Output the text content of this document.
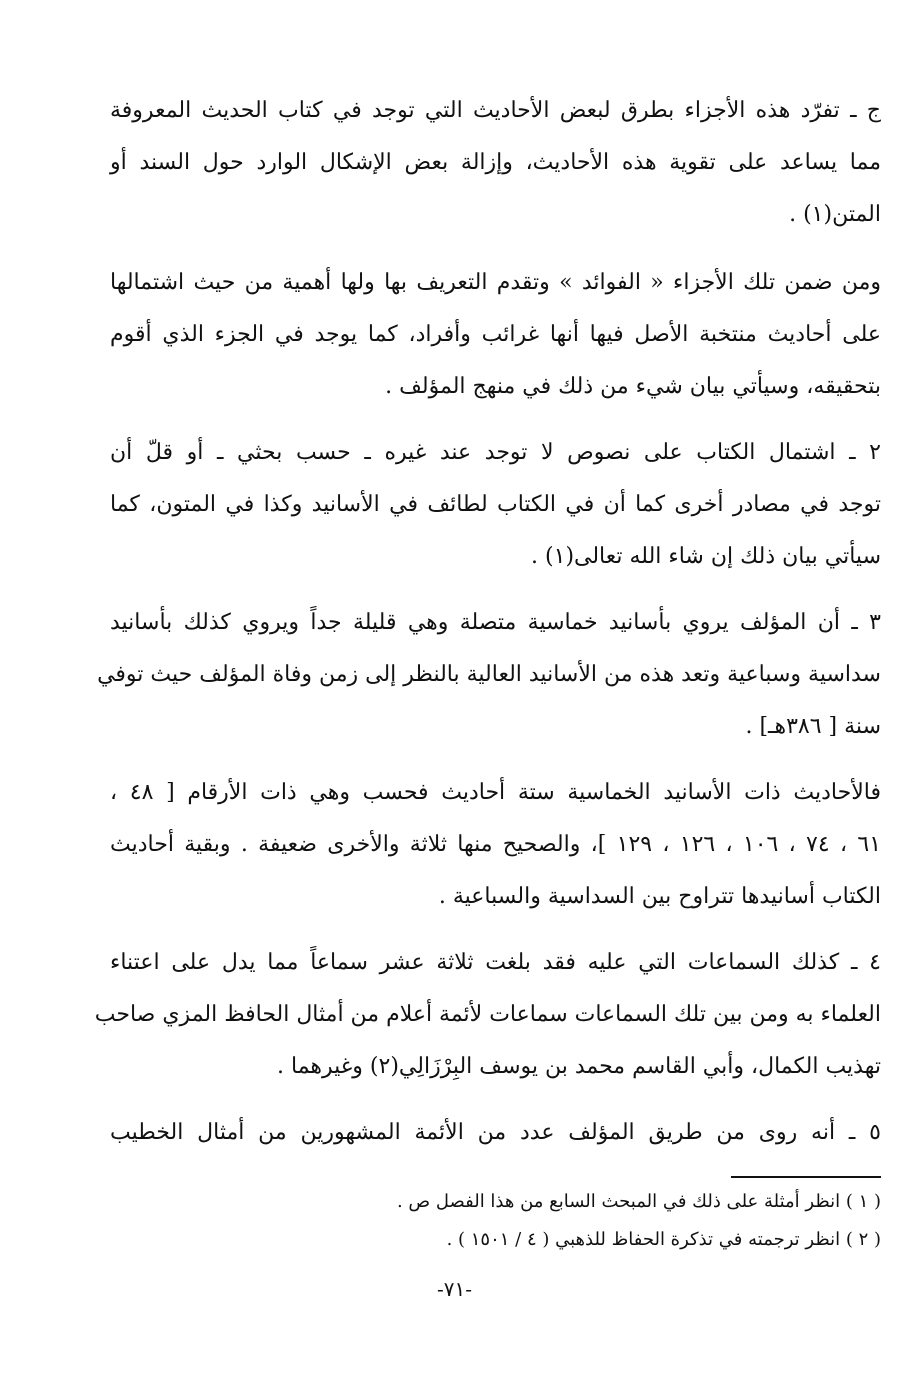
ج ـ تفرّد هذه الأجزاء بطرق لبعض الأحاديث التي توجد في كتاب الحديث المعروفة
مما يساعد على تقوية هذه الأحاديث، وإزالة بعض الإشكال الوارد حول السند أو
المتن(١) .
ومن ضمن تلك الأجزاء « الفوائد » وتقدم التعريف بها ولها أهمية من حيث اشتمالها
على أحاديث منتخبة الأصل فيها أنها غرائب وأفراد، كما يوجد في الجزء الذي أقوم
بتحقيقه، وسيأتي بيان شيء من ذلك في منهج المؤلف .
٢ ـ اشتمال الكتاب على نصوص لا توجد عند غيره ـ حسب بحثي ـ أو قلّ أن
توجد في مصادر أخرى كما أن في الكتاب لطائف في الأسانيد وكذا في المتون، كما
سيأتي بيان ذلك إن شاء الله تعالى(١) .
٣ ـ أن المؤلف يروي بأسانيد خماسية متصلة وهي قليلة جداً ويروي كذلك بأسانيد
سداسية وسباعية وتعد هذه من الأسانيد العالية بالنظر إلى زمن وفاة المؤلف حيث توفي
سنة [ ٣٨٦هـ] .
فالأحاديث ذات الأسانيد الخماسية ستة أحاديث فحسب وهي ذات الأرقام [ ٤٨ ،
٦١ ، ٧٤ ، ١٠٦ ، ١٢٦ ، ١٢٩ ]، والصحيح منها ثلاثة والأخرى ضعيفة . وبقية أحاديث
الكتاب أسانيدها تتراوح بين السداسية والسباعية .
٤ ـ كذلك السماعات التي عليه فقد بلغت ثلاثة عشر سماعاً مما يدل على اعتناء
العلماء به ومن بين تلك السماعات سماعات لأئمة أعلام من أمثال الحافظ المزي صاحب
تهذيب الكمال، وأبي القاسم محمد بن يوسف البِرْزَالِي(٢) وغيرهما .
٥ ـ أنه روى من طريق المؤلف عدد من الأئمة المشهورين من أمثال الخطيب
( ١ ) انظر أمثلة على ذلك في المبحث السابع من هذا الفصل ص .
( ٢ ) انظر ترجمته في تذكرة الحفاظ للذهبي ( ٤ / ١٥٠١ ) .
-٧١-
